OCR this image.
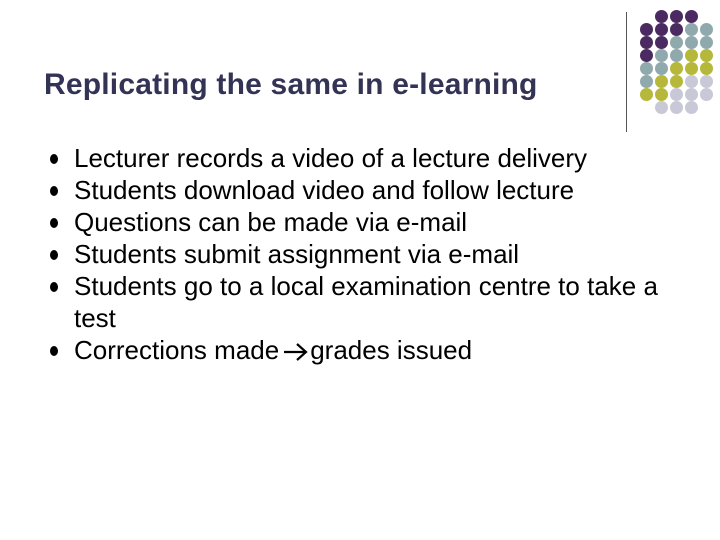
Replicating the same in e-learning
Lecturer records a video of a lecture delivery
Students download video and follow lecture
Questions can be made via e-mail
Students submit assignment via e-mail
Students go to a local examination centre to take a test
Corrections made grades issued
